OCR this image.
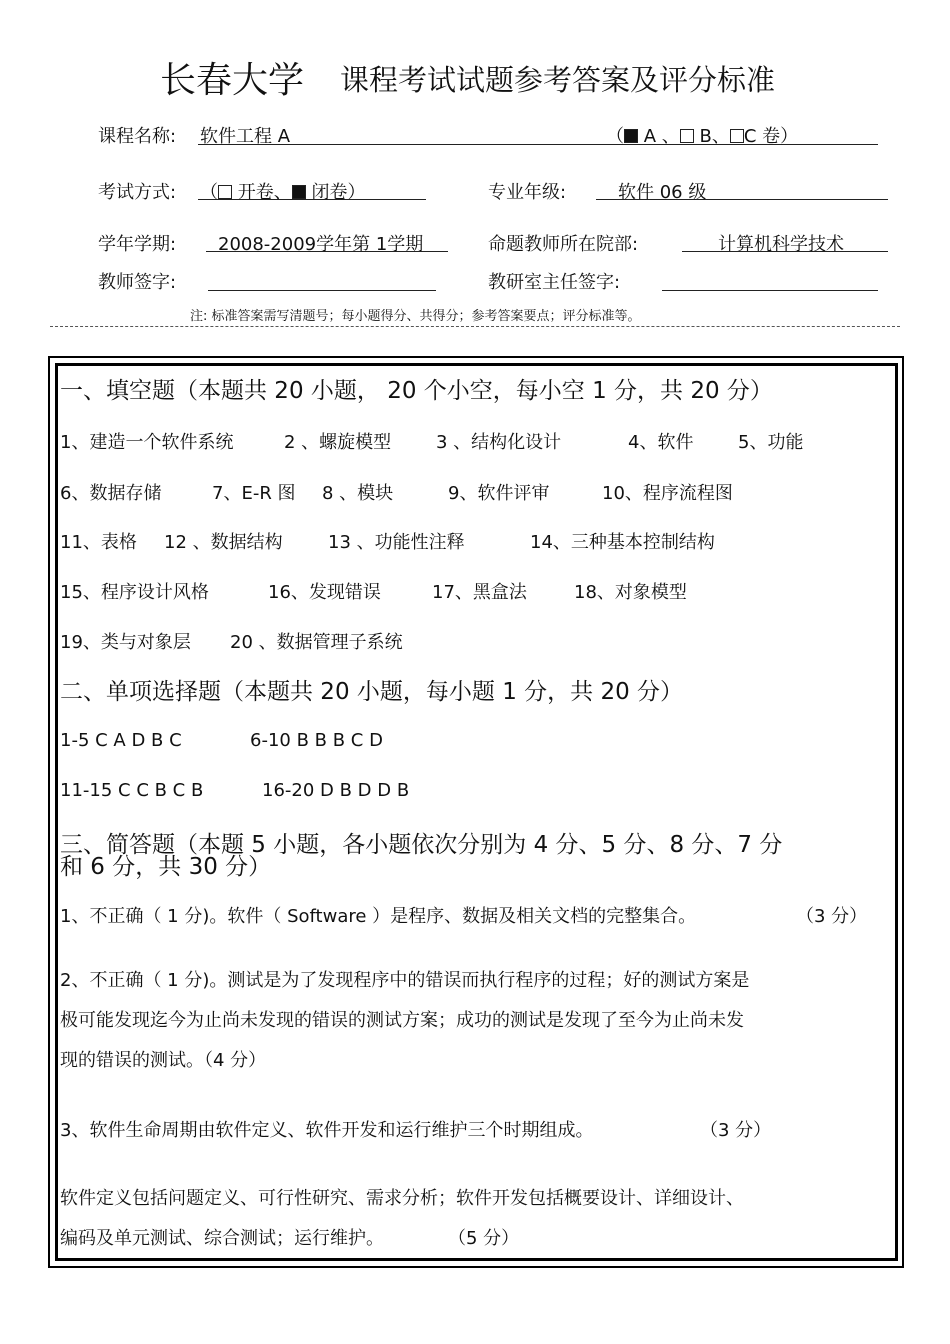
长春大学 课程考试试题参考答案及评分标准
课程名称: 软件工程 A	（ A 、 B、 C 卷）
考试方式: （ 开卷、 闭卷）	专业年级:	软件 06 级
学年学期: 2008-2009学年第 1学期	命题教师所在院部:	计算机科学技术
教师签字:	教研室主任签字:
注: 标准答案需写清题号；每小题得分、共得分；参考答案要点；评分标准等。
一、填空题（本题共 20 小题， 20 个小空，每小空 1 分，共 20 分）
1、建造一个软件系统	2 、螺旋模型 3 、结构化设计	4、软件 5、功能
6、数据存储	7、E-R 图 8 、模块	9、软件评审	10、程序流程图
11、表格 12 、数据结构	13 、功能性注释	14、三种基本控制结构
15、程序设计风格	16、发现错误	17、黑盒法	18、对象模型
19、类与对象层 20 、数据管理子系统
二、单项选择题（本题共 20 小题，每小题 1 分，共 20 分）
1-5 C A D B C	6-10 B B B C D
11-15 C C B C B	16-20 D B D D B
三、简答题（本题 5 小题，各小题依次分别为 4 分、5 分、8 分、7 分
和 6 分，共 30 分）
1、不正确（ 1 分)。软件（ Software ）是程序、数据及相关文档的完整集合。	（3 分）
2、不正确（ 1 分)。测试是为了发现程序中的错误而执行程序的过程；好的测试方案是
极可能发现迄今为止尚未发现的错误的测试方案；成功的测试是发现了至今为止尚未发
现的错误的测试。（4 分）
3、软件生命周期由软件定义、软件开发和运行维护三个时期组成。	（3 分）
软件定义包括问题定义、可行性研究、需求分析；软件开发包括概要设计、详细设计、
编码及单元测试、综合测试；运行维护。	（5 分）
